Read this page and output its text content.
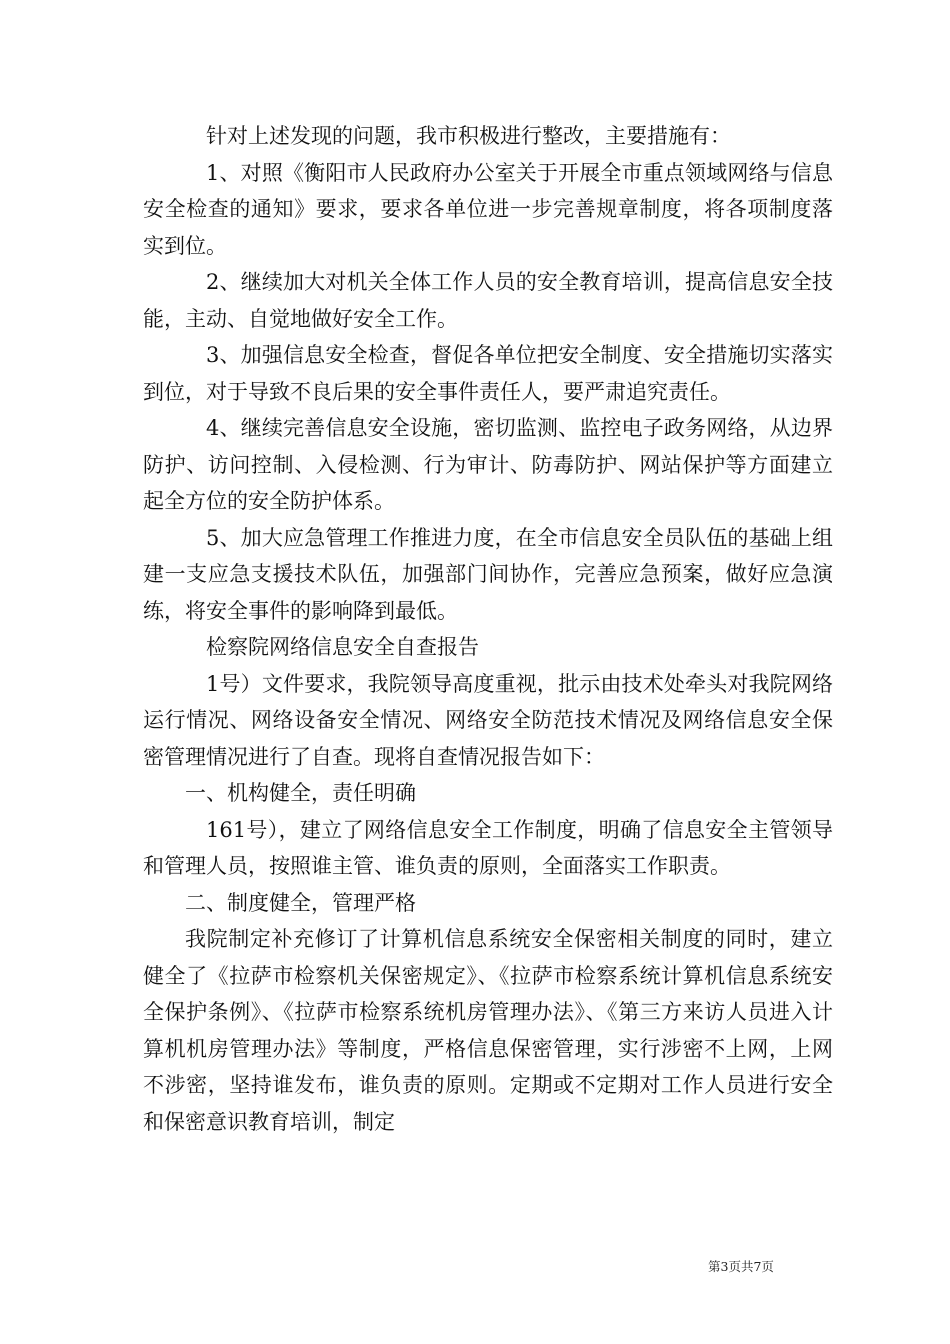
针对上述发现的问题，我市积极进行整改，主要措施有：

1、对照《衡阳市人民政府办公室关于开展全市重点领域网络与信息安全检查的通知》要求，要求各单位进一步完善规章制度，将各项制度落实到位。

2、继续加大对机关全体工作人员的安全教育培训，提高信息安全技能，主动、自觉地做好安全工作。

3、加强信息安全检查，督促各单位把安全制度、安全措施切实落实到位，对于导致不良后果的安全事件责任人，要严肃追究责任。

4、继续完善信息安全设施，密切监测、监控电子政务网络，从边界防护、访问控制、入侵检测、行为审计、防毒防护、网站保护等方面建立起全方位的安全防护体系。

5、加大应急管理工作推进力度，在全市信息安全员队伍的基础上组建一支应急支援技术队伍，加强部门间协作，完善应急预案，做好应急演练，将安全事件的影响降到最低。

检察院网络信息安全自查报告

1号）文件要求，我院领导高度重视，批示由技术处牵头对我院网络运行情况、网络设备安全情况、网络安全防范技术情况及网络信息安全保密管理情况进行了自查。现将自查情况报告如下：

一、机构健全，责任明确

161号），建立了网络信息安全工作制度，明确了信息安全主管领导和管理人员，按照谁主管、谁负责的原则，全面落实工作职责。

二、制度健全，管理严格

我院制定补充修订了计算机信息系统安全保密相关制度的同时，建立健全了《拉萨市检察机关保密规定》、《拉萨市检察系统计算机信息系统安全保护条例》、《拉萨市检察系统机房管理办法》、《第三方来访人员进入计算机机房管理办法》等制度，严格信息保密管理，实行涉密不上网，上网不涉密，坚持谁发布，谁负责的原则。定期或不定期对工作人员进行安全和保密意识教育培训，制定

第3页共7页
